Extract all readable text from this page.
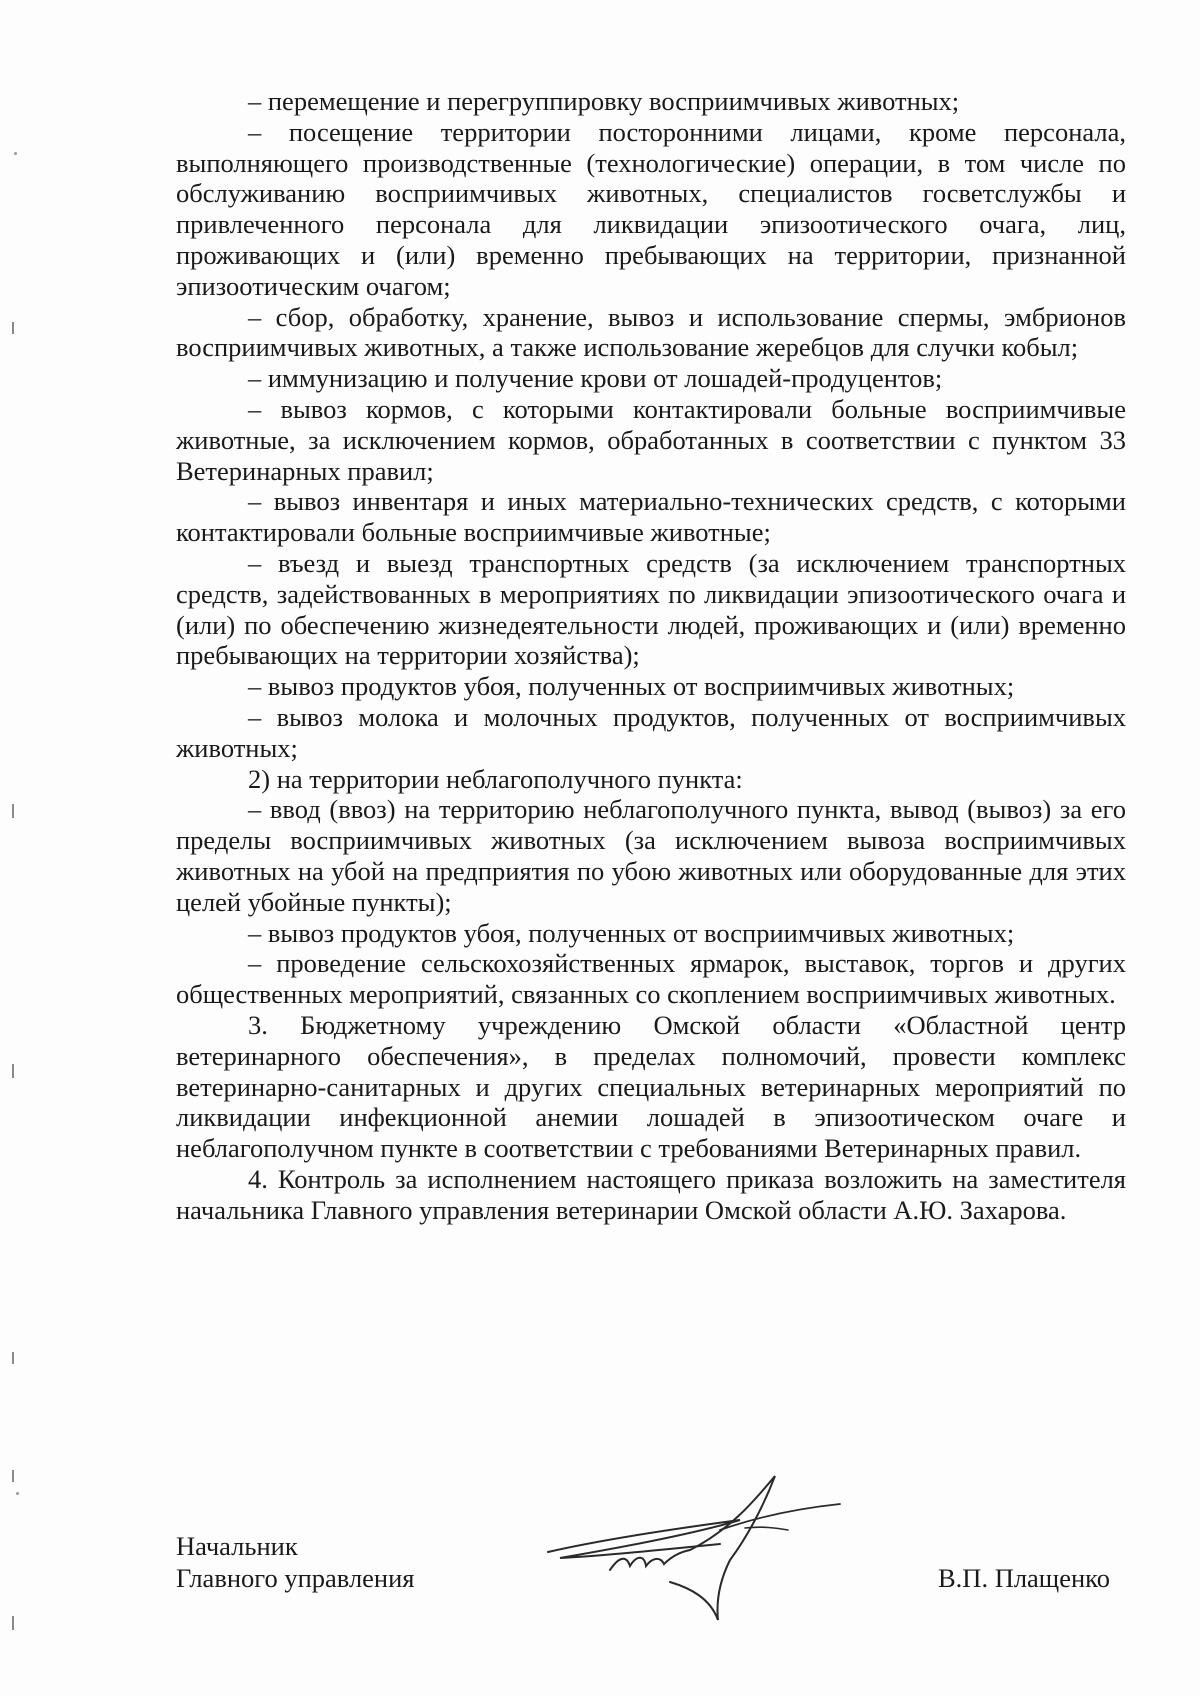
– перемещение и перегруппировку восприимчивых животных;

– посещение территории посторонними лицами, кроме персонала, выполняющего производственные (технологические) операции, в том числе по обслуживанию восприимчивых животных, специалистов госветслужбы и привлеченного персонала для ликвидации эпизоотического очага, лиц, проживающих и (или) временно пребывающих на территории, признанной эпизоотическим очагом;

– сбор, обработку, хранение, вывоз и использование спермы, эмбрионов восприимчивых животных, а также использование жеребцов для случки кобыл;

– иммунизацию и получение крови от лошадей-продуцентов;

– вывоз кормов, с которыми контактировали больные восприимчивые животные, за исключением кормов, обработанных в соответствии с пунктом 33 Ветеринарных правил;

– вывоз инвентаря и иных материально-технических средств, с которыми контактировали больные восприимчивые животные;

– въезд и выезд транспортных средств (за исключением транспортных средств, задействованных в мероприятиях по ликвидации эпизоотического очага и (или) по обеспечению жизнедеятельности людей, проживающих и (или) временно пребывающих на территории хозяйства);

– вывоз продуктов убоя, полученных от восприимчивых животных;

– вывоз молока и молочных продуктов, полученных от восприимчивых животных;

2) на территории неблагополучного пункта:

– ввод (ввоз) на территорию неблагополучного пункта, вывод (вывоз) за его пределы восприимчивых животных (за исключением вывоза восприимчивых животных на убой на предприятия по убою животных или оборудованные для этих целей убойные пункты);

– вывоз продуктов убоя, полученных от восприимчивых животных;

– проведение сельскохозяйственных ярмарок, выставок, торгов и других общественных мероприятий, связанных со скоплением восприимчивых животных.

3. Бюджетному учреждению Омской области «Областной центр ветеринарного обеспечения», в пределах полномочий, провести комплекс ветеринарно-санитарных и других специальных ветеринарных мероприятий по ликвидации инфекционной анемии лошадей в эпизоотическом очаге и неблагополучном пункте в соответствии с требованиями Ветеринарных правил.

4. Контроль за исполнением настоящего приказа возложить на заместителя начальника Главного управления ветеринарии Омской области А.Ю. Захарова.

Начальник
Главного управления	В.П. Плащенко
